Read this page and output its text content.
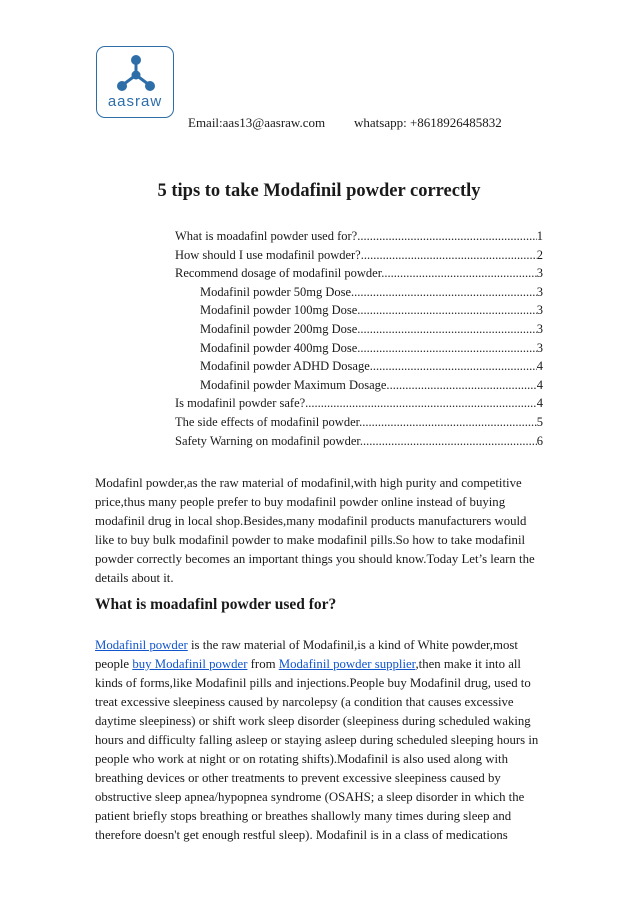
aasraw
Email:aas13@aasraw.com whatsapp: +8618926485832
5 tips to take Modafinil powder correctly
What is moadafinl powder used for? .....	1
How should I use modafinil powder? .....	2
Recommend dosage of modafinil powder. .....	3
Modafinil powder 50mg Dose. .....	3
Modafinil powder 100mg Dose. .....	3
Modafinil powder 200mg Dose. .....	3
Modafinil powder 400mg Dose. .....	3
Modafinil powder ADHD Dosage. .....	4
Modafinil powder Maximum Dosage. .....	4
Is modafinil powder safe?. .....	4
The side effects of modafinil powder. .....	5
Safety Warning on modafinil powder. .....	6

Modafinl powder,as the raw material of modafinil,with high purity and competitive price,thus many people prefer to buy modafinil powder online instead of buying modafinil drug in local shop.Besides,many modafinil products manufacturers would like to buy bulk modafinil powder to make modafinil pills.So how to take modafinil powder correctly becomes an important things you should know.Today Let’s learn the details about it.

What is moadafinl powder used for?

Modafinil powder is the raw material of Modafinil,is a kind of White powder,most people buy Modafinil powder from Modafinil powder supplier,then make it into all kinds of forms,like Modafinil pills and injections.People buy Modafinil drug, used to treat excessive sleepiness caused by narcolepsy (a condition that causes excessive daytime sleepiness) or shift work sleep disorder (sleepiness during scheduled waking hours and difficulty falling asleep or staying asleep during scheduled sleeping hours in people who work at night or on rotating shifts).Modafinil is also used along with breathing devices or other treatments to prevent excessive sleepiness caused by obstructive sleep apnea/hypopnea syndrome (OSAHS; a sleep disorder in which the patient briefly stops breathing or breathes shallowly many times during sleep and therefore doesn't get enough restful sleep). Modafinil is in a class of medications
